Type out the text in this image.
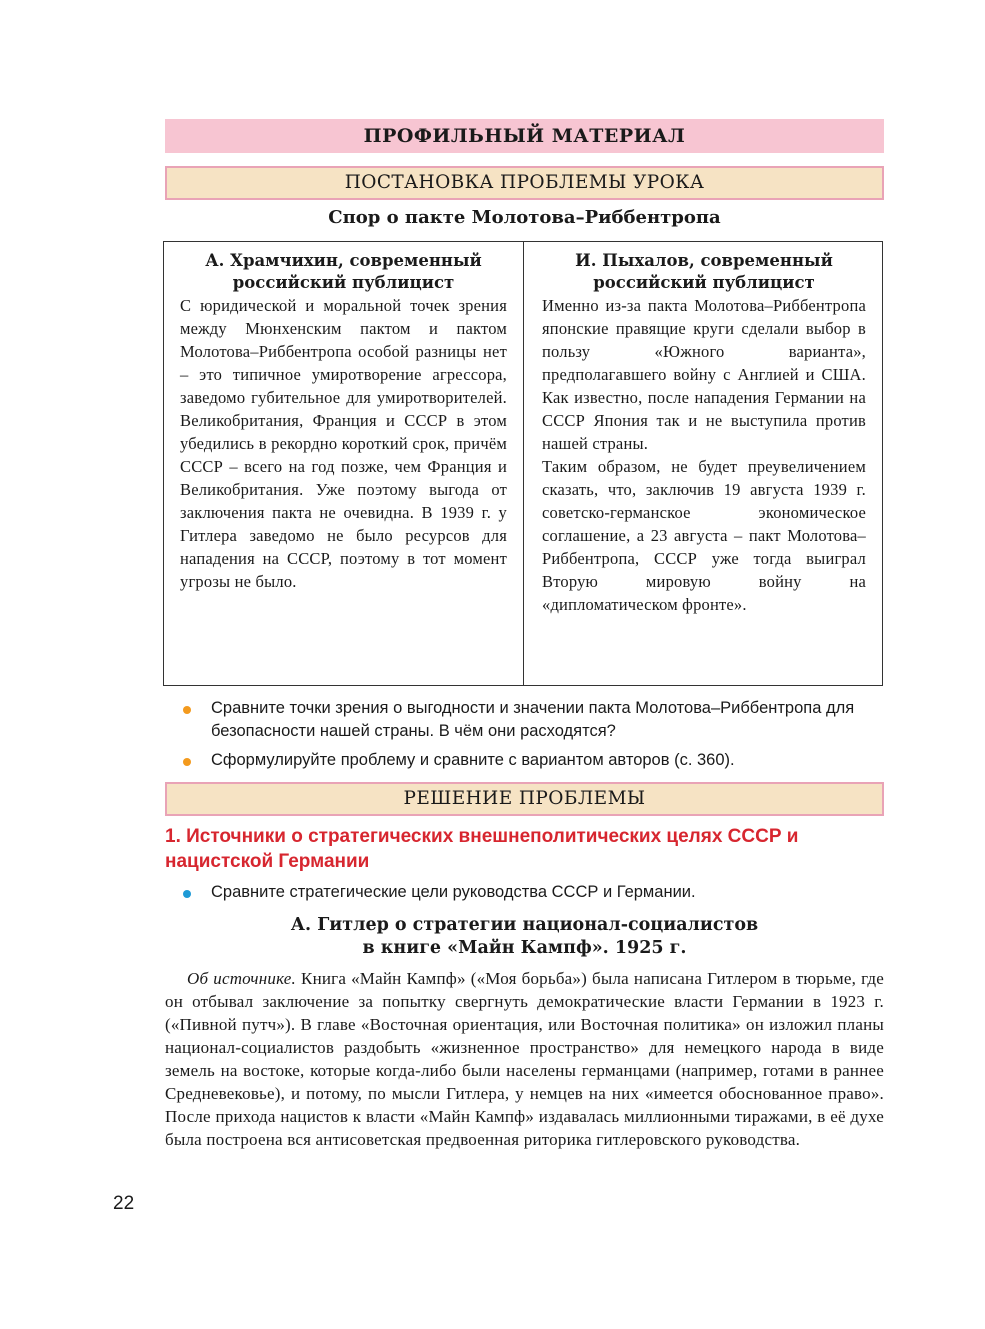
ПРОФИЛЬНЫЙ МАТЕРИАЛ
ПОСТАНОВКА ПРОБЛЕМЫ УРОКА
Спор о пакте Молотова–Риббентропа
А. Храмчихин, современный российский публицист

С юридической и моральной точек зрения между Мюнхенским пактом и пактом Молотова–Риббентропа особой разницы нет – это типичное умиротворение агрессора, заведомо губительное для умиротворителей. Великобритания, Франция и СССР в этом убедились в рекордно короткий срок, причём СССР – всего на год позже, чем Франция и Великобритания. Уже поэтому выгода от заключения пакта не очевидна. В 1939 г. у Гитлера заведомо не было ресурсов для нападения на СССР, поэтому в тот момент угрозы не было.

И. Пыхалов, современный российский публицист

Именно из-за пакта Молотова–Риббентропа японские правящие круги сделали выбор в пользу «Южного варианта», предполагавшего войну с Англией и США. Как известно, после нападения Германии на СССР Япония так и не выступила против нашей страны.

Таким образом, не будет преувеличением сказать, что, заключив 19 августа 1939 г. советско-германское экономическое соглашение, а 23 августа – пакт Молотова–Риббентропа, СССР уже тогда выиграл Вторую мировую войну на «дипломатическом фронте».

Сравните точки зрения о выгодности и значении пакта Молотова–Риббентропа для безопасности нашей страны. В чём они расходятся?
Сформулируйте проблему и сравните с вариантом авторов (с. 360).
РЕШЕНИЕ ПРОБЛЕМЫ
1. Источники о стратегических внешнеполитических целях СССР и нацистской Германии
Сравните стратегические цели руководства СССР и Германии.
А. Гитлер о стратегии национал-социалистов
в книге «Майн Кампф». 1925 г.

Об источнике. Книга «Майн Кампф» («Моя борьба») была написана Гитлером в тюрьме, где он отбывал заключение за попытку свергнуть демократические власти Германии в 1923 г. («Пивной путч»). В главе «Восточная ориентация, или Восточная политика» он изложил планы национал-социалистов раздобыть «жизненное пространство» для немецкого народа в виде земель на востоке, которые когда-либо были населены германцами (например, готами в раннее Средневековье), и потому, по мысли Гитлера, у немцев на них «имеется обоснованное право». После прихода нацистов к власти «Майн Кампф» издавалась миллионными тиражами, в её духе была построена вся антисоветская предвоенная риторика гитлеровского руководства.

22
